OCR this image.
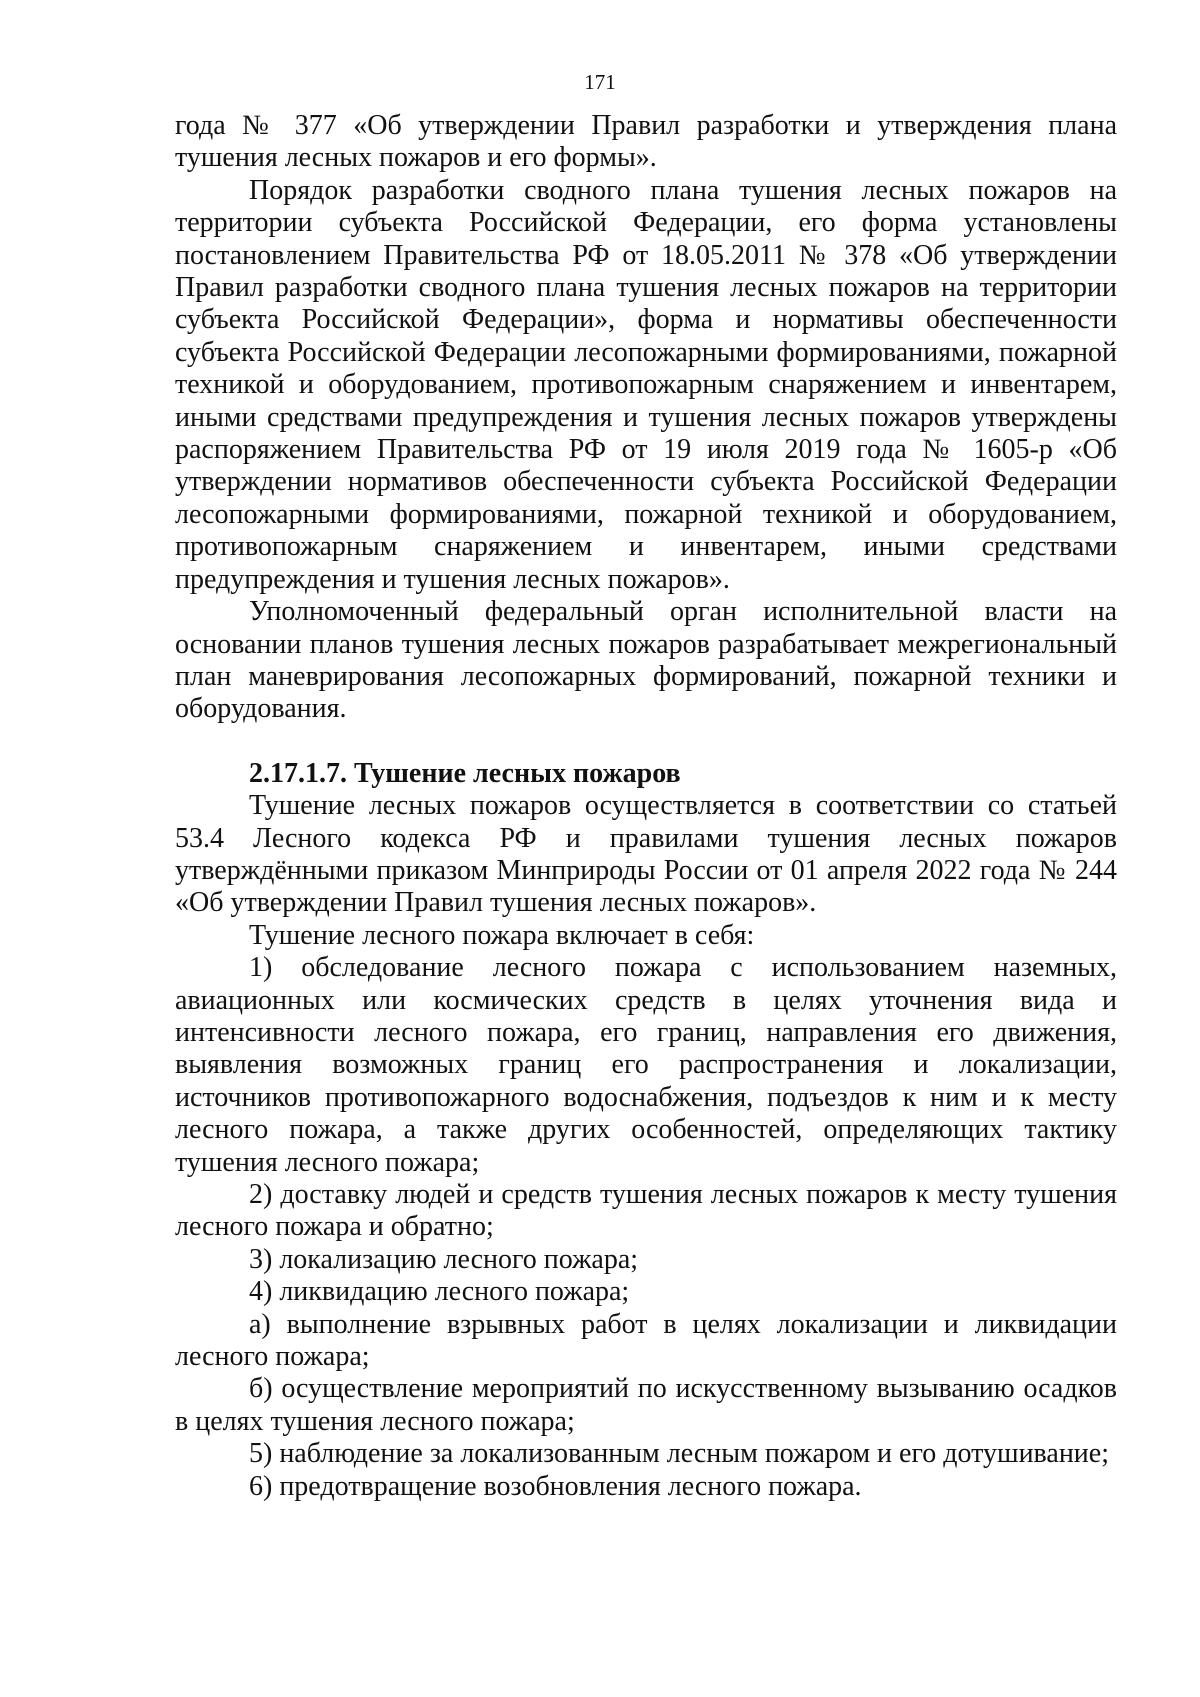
171

года № 377 «Об утверждении Правил разработки и утверждения плана тушения лесных пожаров и его формы».

Порядок разработки сводного плана тушения лесных пожаров на территории субъекта Российской Федерации, его форма установлены постановлением Правительства РФ от 18.05.2011 № 378 «Об утверждении Правил разработки сводного плана тушения лесных пожаров на территории субъекта Российской Федерации», форма и нормативы обеспеченности субъекта Российской Федерации лесопожарными формированиями, пожарной техникой и оборудованием, противопожарным снаряжением и инвентарем, иными средствами предупреждения и тушения лесных пожаров утверждены распоряжением Правительства РФ от 19 июля 2019 года № 1605-р «Об утверждении нормативов обеспеченности субъекта Российской Федерации лесопожарными формированиями, пожарной техникой и оборудованием, противопожарным снаряжением и инвентарем, иными средствами предупреждения и тушения лесных пожаров».

Уполномоченный федеральный орган исполнительной власти на основании планов тушения лесных пожаров разрабатывает межрегиональный план маневрирования лесопожарных формирований, пожарной техники и оборудования.

2.17.1.7. Тушение лесных пожаров

Тушение лесных пожаров осуществляется в соответствии со статьей 53.4 Лесного кодекса РФ и правилами тушения лесных пожаров утверждёнными приказом Минприроды России от 01 апреля 2022 года № 244 «Об утверждении Правил тушения лесных пожаров».

Тушение лесного пожара включает в себя:

1) обследование лесного пожара с использованием наземных, авиационных или космических средств в целях уточнения вида и интенсивности лесного пожара, его границ, направления его движения, выявления возможных границ его распространения и локализации, источников противопожарного водоснабжения, подъездов к ним и к месту лесного пожара, а также других особенностей, определяющих тактику тушения лесного пожара;

2) доставку людей и средств тушения лесных пожаров к месту тушения лесного пожара и обратно;

3) локализацию лесного пожара;

4) ликвидацию лесного пожара;

а) выполнение взрывных работ в целях локализации и ликвидации лесного пожара;

б) осуществление мероприятий по искусственному вызыванию осадков в целях тушения лесного пожара;

5) наблюдение за локализованным лесным пожаром и его дотушивание;

6) предотвращение возобновления лесного пожара.
